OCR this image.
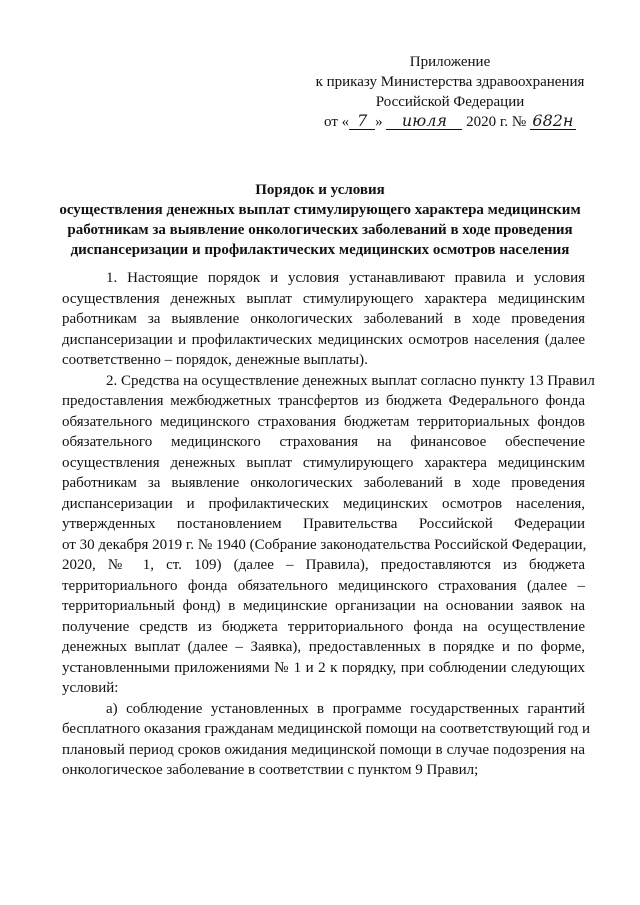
Приложение
к приказу Министерства здравоохранения
Российской Федерации
от « 7 » июля 2020 г. № 682н
Порядок и условия
осуществления денежных выплат стимулирующего характера медицинским
работникам за выявление онкологических заболеваний в ходе проведения
диспансеризации и профилактических медицинских осмотров населения
1. Настоящие порядок и условия устанавливают правила и условия
осуществления денежных выплат стимулирующего характера медицинским
работникам за выявление онкологических заболеваний в ходе проведения
диспансеризации и профилактических медицинских осмотров населения (далее
соответственно – порядок, денежные выплаты).
2. Средства на осуществление денежных выплат согласно пункту 13 Правил
предоставления межбюджетных трансфертов из бюджета Федерального фонда
обязательного медицинского страхования бюджетам территориальных фондов
обязательного медицинского страхования на финансовое обеспечение
осуществления денежных выплат стимулирующего характера медицинским
работникам за выявление онкологических заболеваний в ходе проведения
диспансеризации и профилактических медицинских осмотров населения,
утвержденных постановлением Правительства Российской Федерации
от 30 декабря 2019 г. № 1940 (Собрание законодательства Российской Федерации,
2020, № 1, ст. 109) (далее – Правила), предоставляются из бюджета
территориального фонда обязательного медицинского страхования (далее –
территориальный фонд) в медицинские организации на основании заявок на
получение средств из бюджета территориального фонда на осуществление
денежных выплат (далее – Заявка), предоставленных в порядке и по форме,
установленными приложениями № 1 и 2 к порядку, при соблюдении следующих
условий:
а) соблюдение установленных в программе государственных гарантий
бесплатного оказания гражданам медицинской помощи на соответствующий год и
плановый период сроков ожидания медицинской помощи в случае подозрения на
онкологическое заболевание в соответствии с пунктом 9 Правил;
